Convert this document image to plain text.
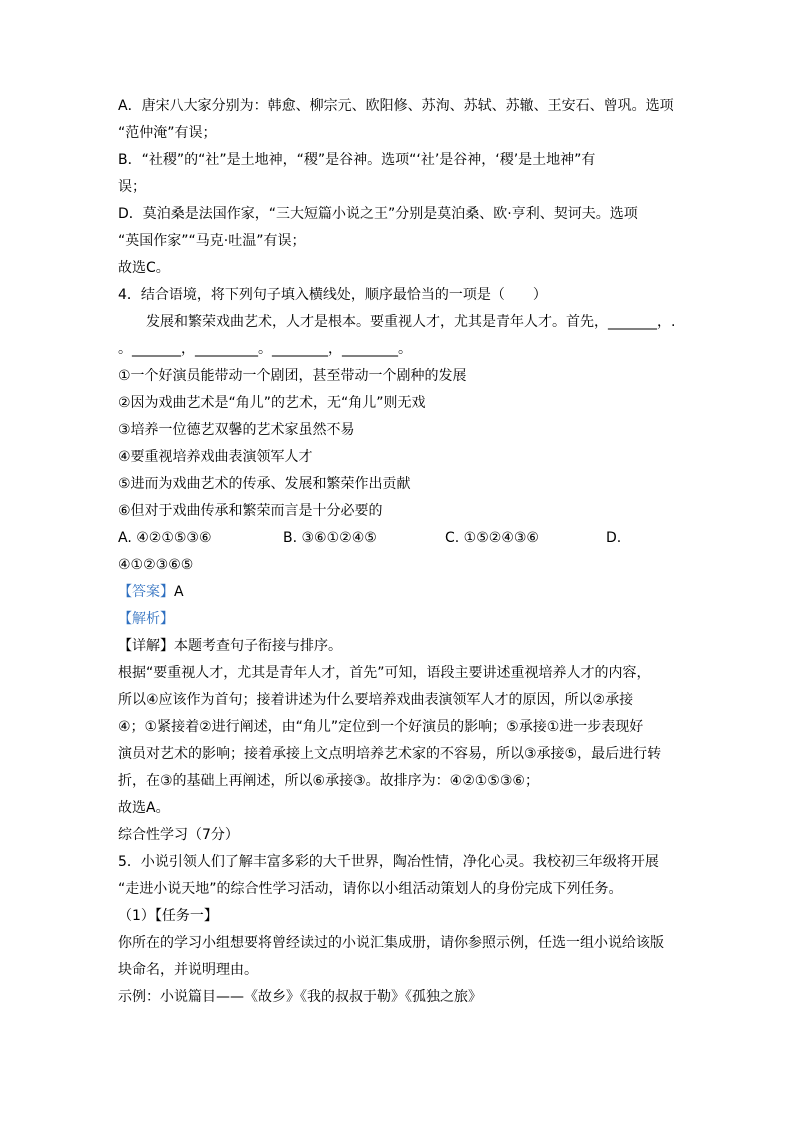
A．唐宋八大家分别为：韩愈、柳宗元、欧阳修、苏洵、苏轼、苏辙、王安石、曾巩。选项
“范仲淹”有误；
B．“社稷”的“社”是土地神，“稷”是谷神。选项“‘社’是谷神，‘稷’是土地神”有
误；
D．莫泊桑是法国作家，“三大短篇小说之王”分别是莫泊桑、欧·亨利、契诃夫。选项
“英国作家”“马克·吐温”有误；
故选C。
4．结合语境，将下列句子填入横线处，顺序最恰当的一项是（　　）
发展和繁荣戏曲艺术，人才是根本。要重视人才，尤其是青年人才。首先，_______，.
。_______，_________。________，________。
①一个好演员能带动一个剧团，甚至带动一个剧种的发展
②因为戏曲艺术是“角儿”的艺术，无“角儿”则无戏
③培养一位德艺双馨的艺术家虽然不易
④要重视培养戏曲表演领军人才
⑤进而为戏曲艺术的传承、发展和繁荣作出贡献
⑥但对于戏曲传承和繁荣而言是十分必要的
A. ④②①⑤③⑥	B. ③⑥①②④⑤	C. ①⑤②④③⑥	D.
④①②③⑥⑤
【答案】A
【解析】
【详解】本题考查句子衔接与排序。
根据“要重视人才，尤其是青年人才，首先”可知，语段主要讲述重视培养人才的内容，
所以④应该作为首句；接着讲述为什么要培养戏曲表演领军人才的原因，所以②承接
④；①紧接着②进行阐述，由“角儿”定位到一个好演员的影响；⑤承接①进一步表现好
演员对艺术的影响；接着承接上文点明培养艺术家的不容易，所以③承接⑤，最后进行转
折，在③的基础上再阐述，所以⑥承接③。故排序为：④②①⑤③⑥；
故选A。
综合性学习（7分）
5．小说引领人们了解丰富多彩的大千世界，陶冶性情，净化心灵。我校初三年级将开展
“走进小说天地”的综合性学习活动，请你以小组活动策划人的身份完成下列任务。
（1）【任务一】
你所在的学习小组想要将曾经读过的小说汇集成册，请你参照示例，任选一组小说给该版
块命名，并说明理由。
示例：小说篇目——《故乡》《我的叔叔于勒》《孤独之旅》
